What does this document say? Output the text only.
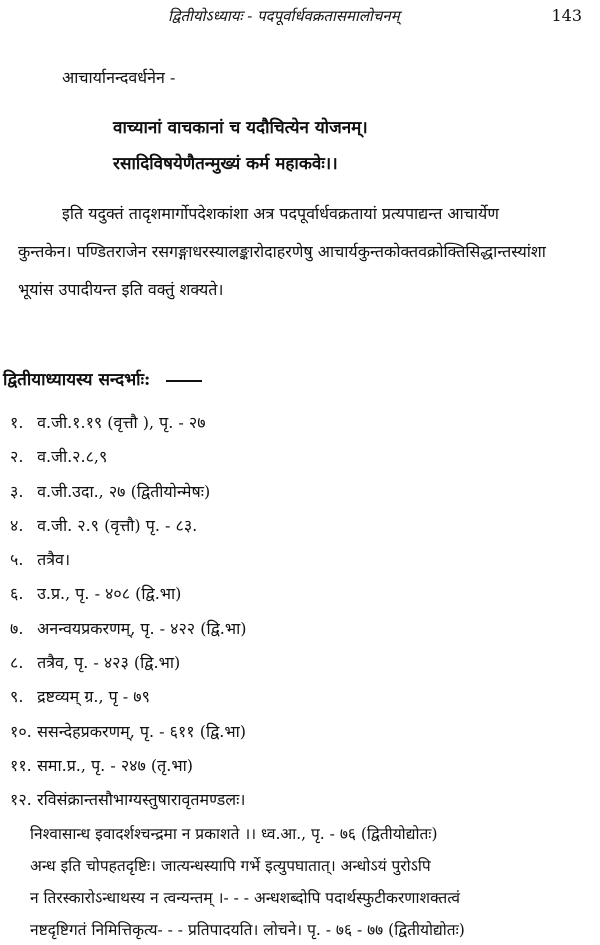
द्वितीयोऽध्यायः - पदपूर्वार्धवक्रतासमालोचनम्	143
आचार्यानन्दवर्धनेन -
वाच्यानां वाचकानां च यदौचित्येन योजनम्।
रसादिविषयेणैतन्मुख्यं कर्म महाकवेः।।
इति यदुक्तं तादृशमार्गोपदेशकांशा अत्र पदपूर्वार्धवक्रतायां प्रत्यपाद्यन्त आचार्येण
कुन्तकेन। पण्डितराजेन रसगङ्गाधरस्यालङ्कारोदाहरणेषु आचार्यकुन्तकोक्तवक्रोक्तिसिद्धान्तस्यांशा
भूयांस उपादीयन्त इति वक्तुं शक्यते।
द्वितीयाध्यायस्य सन्दर्भाः:
१. व.जी.१.१९ (वृत्तौ ), पृ. - २७
२. व.जी.२.८,९
३. व.जी.उदा., २७ (द्वितीयोन्मेषः)
४. व.जी. २.९ (वृत्तौ) पृ. - ८३.
५. तत्रैव।
६. उ.प्र., पृ. - ४०८ (द्वि.भा)
७. अनन्वयप्रकरणम्, पृ. - ४२२ (द्वि.भा)
८. तत्रैव, पृ. - ४२३ (द्वि.भा)
९. द्रष्टव्यम् ग्र., पृ - ७९
१०. ससन्देहप्रकरणम्, पृ. - ६११ (द्वि.भा)
११. समा.प्र., पृ. - २४७ (तृ.भा)
१२. रविसंक्रान्तसौभाग्यस्तुषारावृतमण्डलः।
निश्वासान्ध इवादर्शश्चन्द्रमा न प्रकाशते ।। ध्व.आ., पृ. - ७६ (द्वितीयोद्योतः)
अन्ध इति चोपहतदृष्टिः। जात्यन्धस्यापि गर्भे इत्युपघातात्। अन्धोऽयं पुरोऽपि
न तिरस्कारोऽन्धाथस्य न त्वन्यन्तम् ।- - - अन्धशब्दोपि पदार्थस्फुटीकरणाशक्तत्वं
नष्टदृष्टिगतं निमित्तिकृत्य- - - प्रतिपादयति। लोचने। पृ. - ७६ - ७७ (द्वितीयोद्योतः)
